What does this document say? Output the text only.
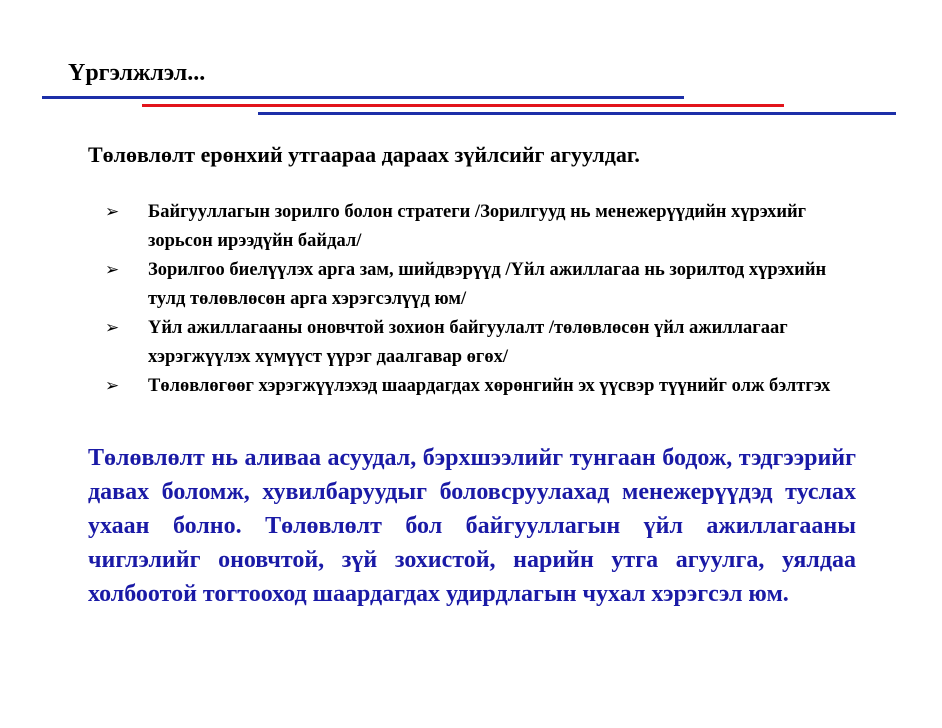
Үргэлжлэл...

Төлөвлөлт ерөнхий утгаараа дараах зүйлсийг агуулдаг.

➢ Байгууллагын зорилго болон стратеги /Зорилгууд нь менежерүүдийн хүрэхийг зорьсон ирээдүйн байдал/
➢ Зорилгоо биелүүлэх арга зам, шийдвэрүүд /Үйл ажиллагаа нь зорилтод хүрэхийн тулд төлөвлөсөн арга хэрэгсэлүүд юм/
➢ Үйл ажиллагааны оновчтой зохион байгуулалт /төлөвлөсөн үйл ажиллагааг хэрэгжүүлэх хүмүүст үүрэг даалгавар өгөх/
➢ Төлөвлөгөөг хэрэгжүүлэхэд шаардагдах хөрөнгийн эх үүсвэр түүнийг олж бэлтгэх

Төлөвлөлт нь аливаа асуудал, бэрхшээлийг тунгаан бодож, тэдгээрийг давах боломж, хувилбаруудыг боловсруулахад менежерүүдэд туслах ухаан болно. Төлөвлөлт бол байгууллагын үйл ажиллагааны чиглэлийг оновчтой, зүй зохистой, нарийн утга агуулга, уялдаа холбоотой тогтооход шаардагдах удирдлагын чухал хэрэгсэл юм.
